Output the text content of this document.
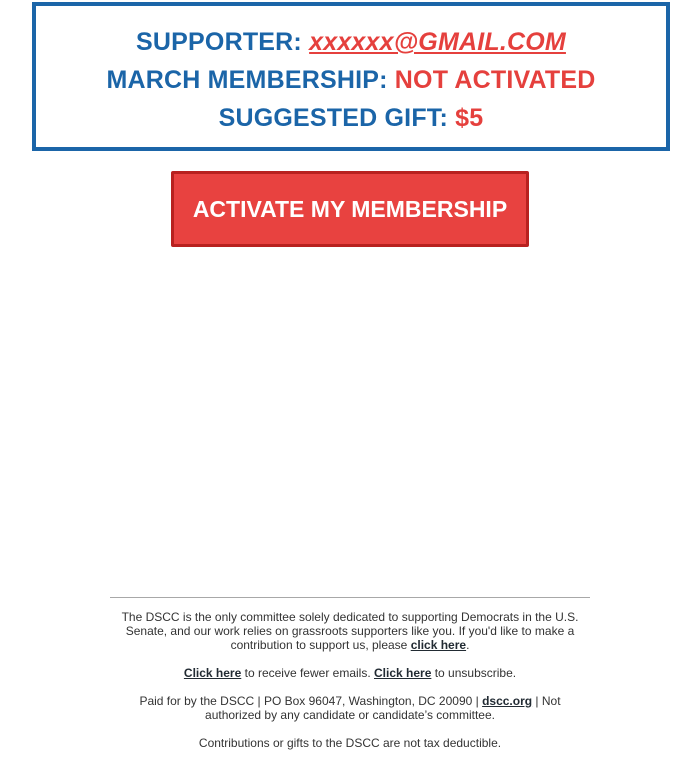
SUPPORTER: xxxxxx@GMAIL.COM
MARCH MEMBERSHIP: NOT ACTIVATED
SUGGESTED GIFT: $5
ACTIVATE MY MEMBERSHIP

The DSCC is the only committee solely dedicated to supporting Democrats in the U.S. Senate, and our work relies on grassroots supporters like you. If you'd like to make a contribution to support us, please click here.

Click here to receive fewer emails. Click here to unsubscribe.

Paid for by the DSCC | PO Box 96047, Washington, DC 20090 | dscc.org | Not authorized by any candidate or candidate’s committee.

Contributions or gifts to the DSCC are not tax deductible.
